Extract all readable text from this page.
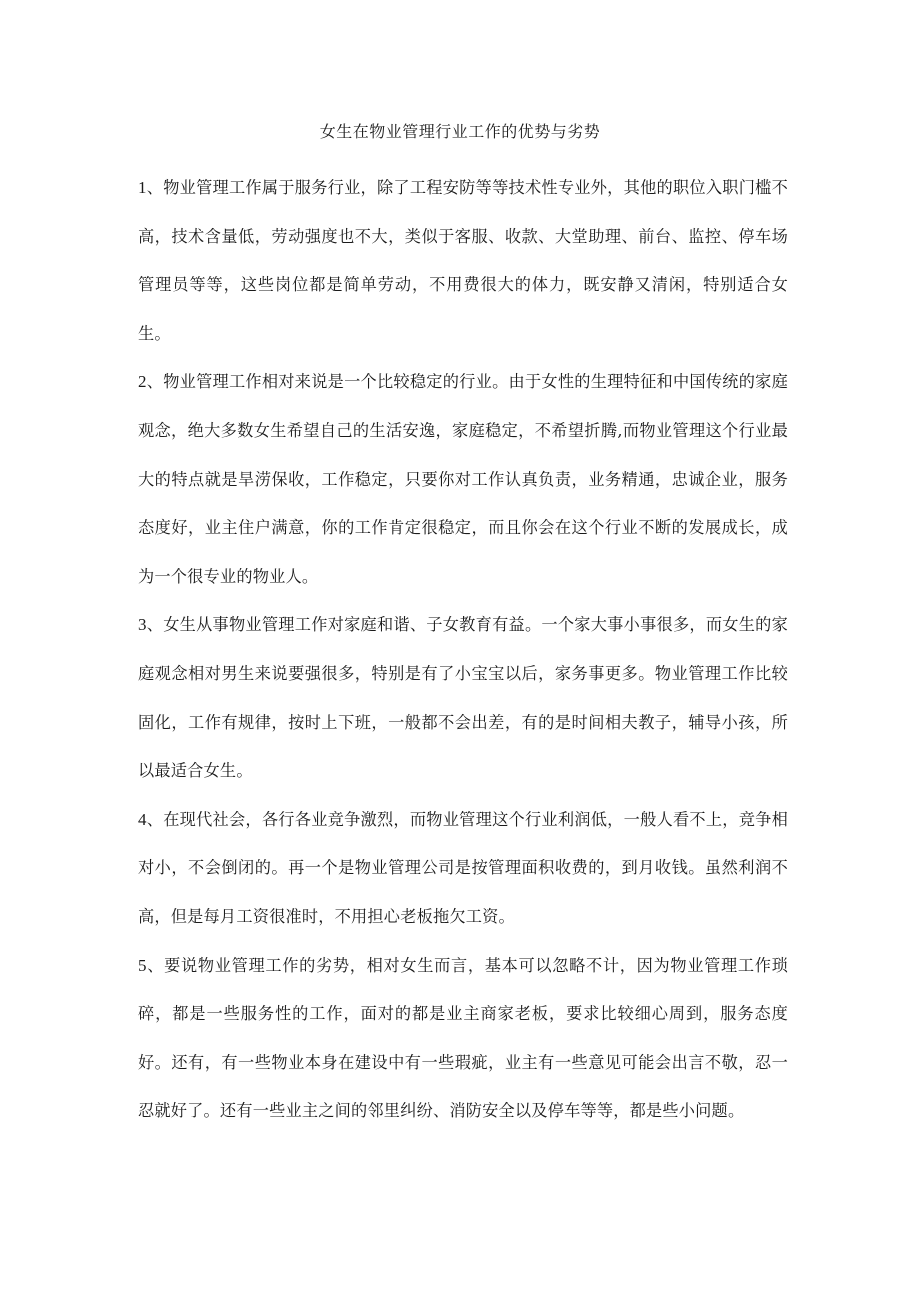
女生在物业管理行业工作的优势与劣势

1、物业管理工作属于服务行业，除了工程安防等等技术性专业外，其他的职位入职门槛不高，技术含量低，劳动强度也不大，类似于客服、收款、大堂助理、前台、监控、停车场管理员等等，这些岗位都是简单劳动，不用费很大的体力，既安静又清闲，特别适合女生。

2、物业管理工作相对来说是一个比较稳定的行业。由于女性的生理特征和中国传统的家庭观念，绝大多数女生希望自己的生活安逸，家庭稳定，不希望折腾,而物业管理这个行业最大的特点就是旱涝保收，工作稳定，只要你对工作认真负责，业务精通，忠诚企业，服务态度好，业主住户满意，你的工作肯定很稳定，而且你会在这个行业不断的发展成长，成为一个很专业的物业人。

3、女生从事物业管理工作对家庭和谐、子女教育有益。一个家大事小事很多，而女生的家庭观念相对男生来说要强很多，特别是有了小宝宝以后，家务事更多。物业管理工作比较固化，工作有规律，按时上下班，一般都不会出差，有的是时间相夫教子，辅导小孩，所以最适合女生。

4、在现代社会，各行各业竞争激烈，而物业管理这个行业利润低，一般人看不上，竞争相对小，不会倒闭的。再一个是物业管理公司是按管理面积收费的，到月收钱。虽然利润不高，但是每月工资很准时，不用担心老板拖欠工资。

5、要说物业管理工作的劣势，相对女生而言，基本可以忽略不计，因为物业管理工作琐碎，都是一些服务性的工作，面对的都是业主商家老板，要求比较细心周到，服务态度好。还有，有一些物业本身在建设中有一些瑕疵，业主有一些意见可能会出言不敬，忍一忍就好了。还有一些业主之间的邻里纠纷、消防安全以及停车等等，都是些小问题。
